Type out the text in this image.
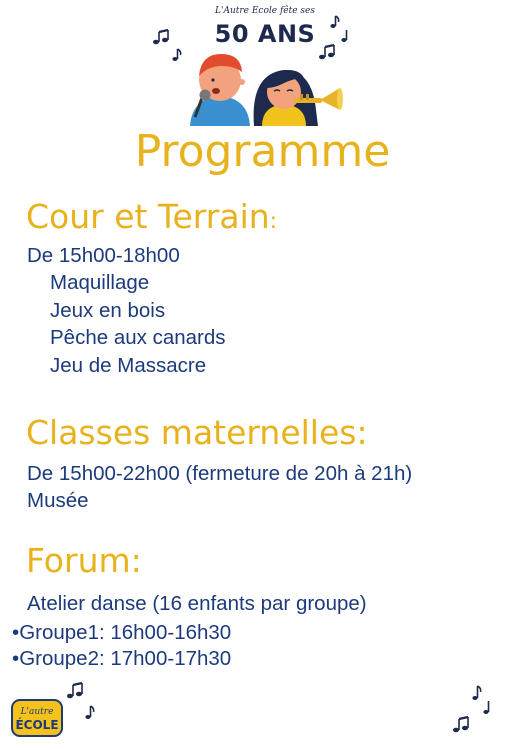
L'Autre Ecole fête ses
50 ANS
Programme
Cour et Terrain:
De 15h00-18h00
Maquillage
Jeux en bois
Pêche aux canards
Jeu de Massacre
Classes maternelles:
De 15h00-22h00 (fermeture de 20h à 21h)
Musée
Forum:
Atelier danse (16 enfants par groupe)
•Groupe1: 16h00-16h30
•Groupe2: 17h00-17h30
L'autre
ÉCOLE
